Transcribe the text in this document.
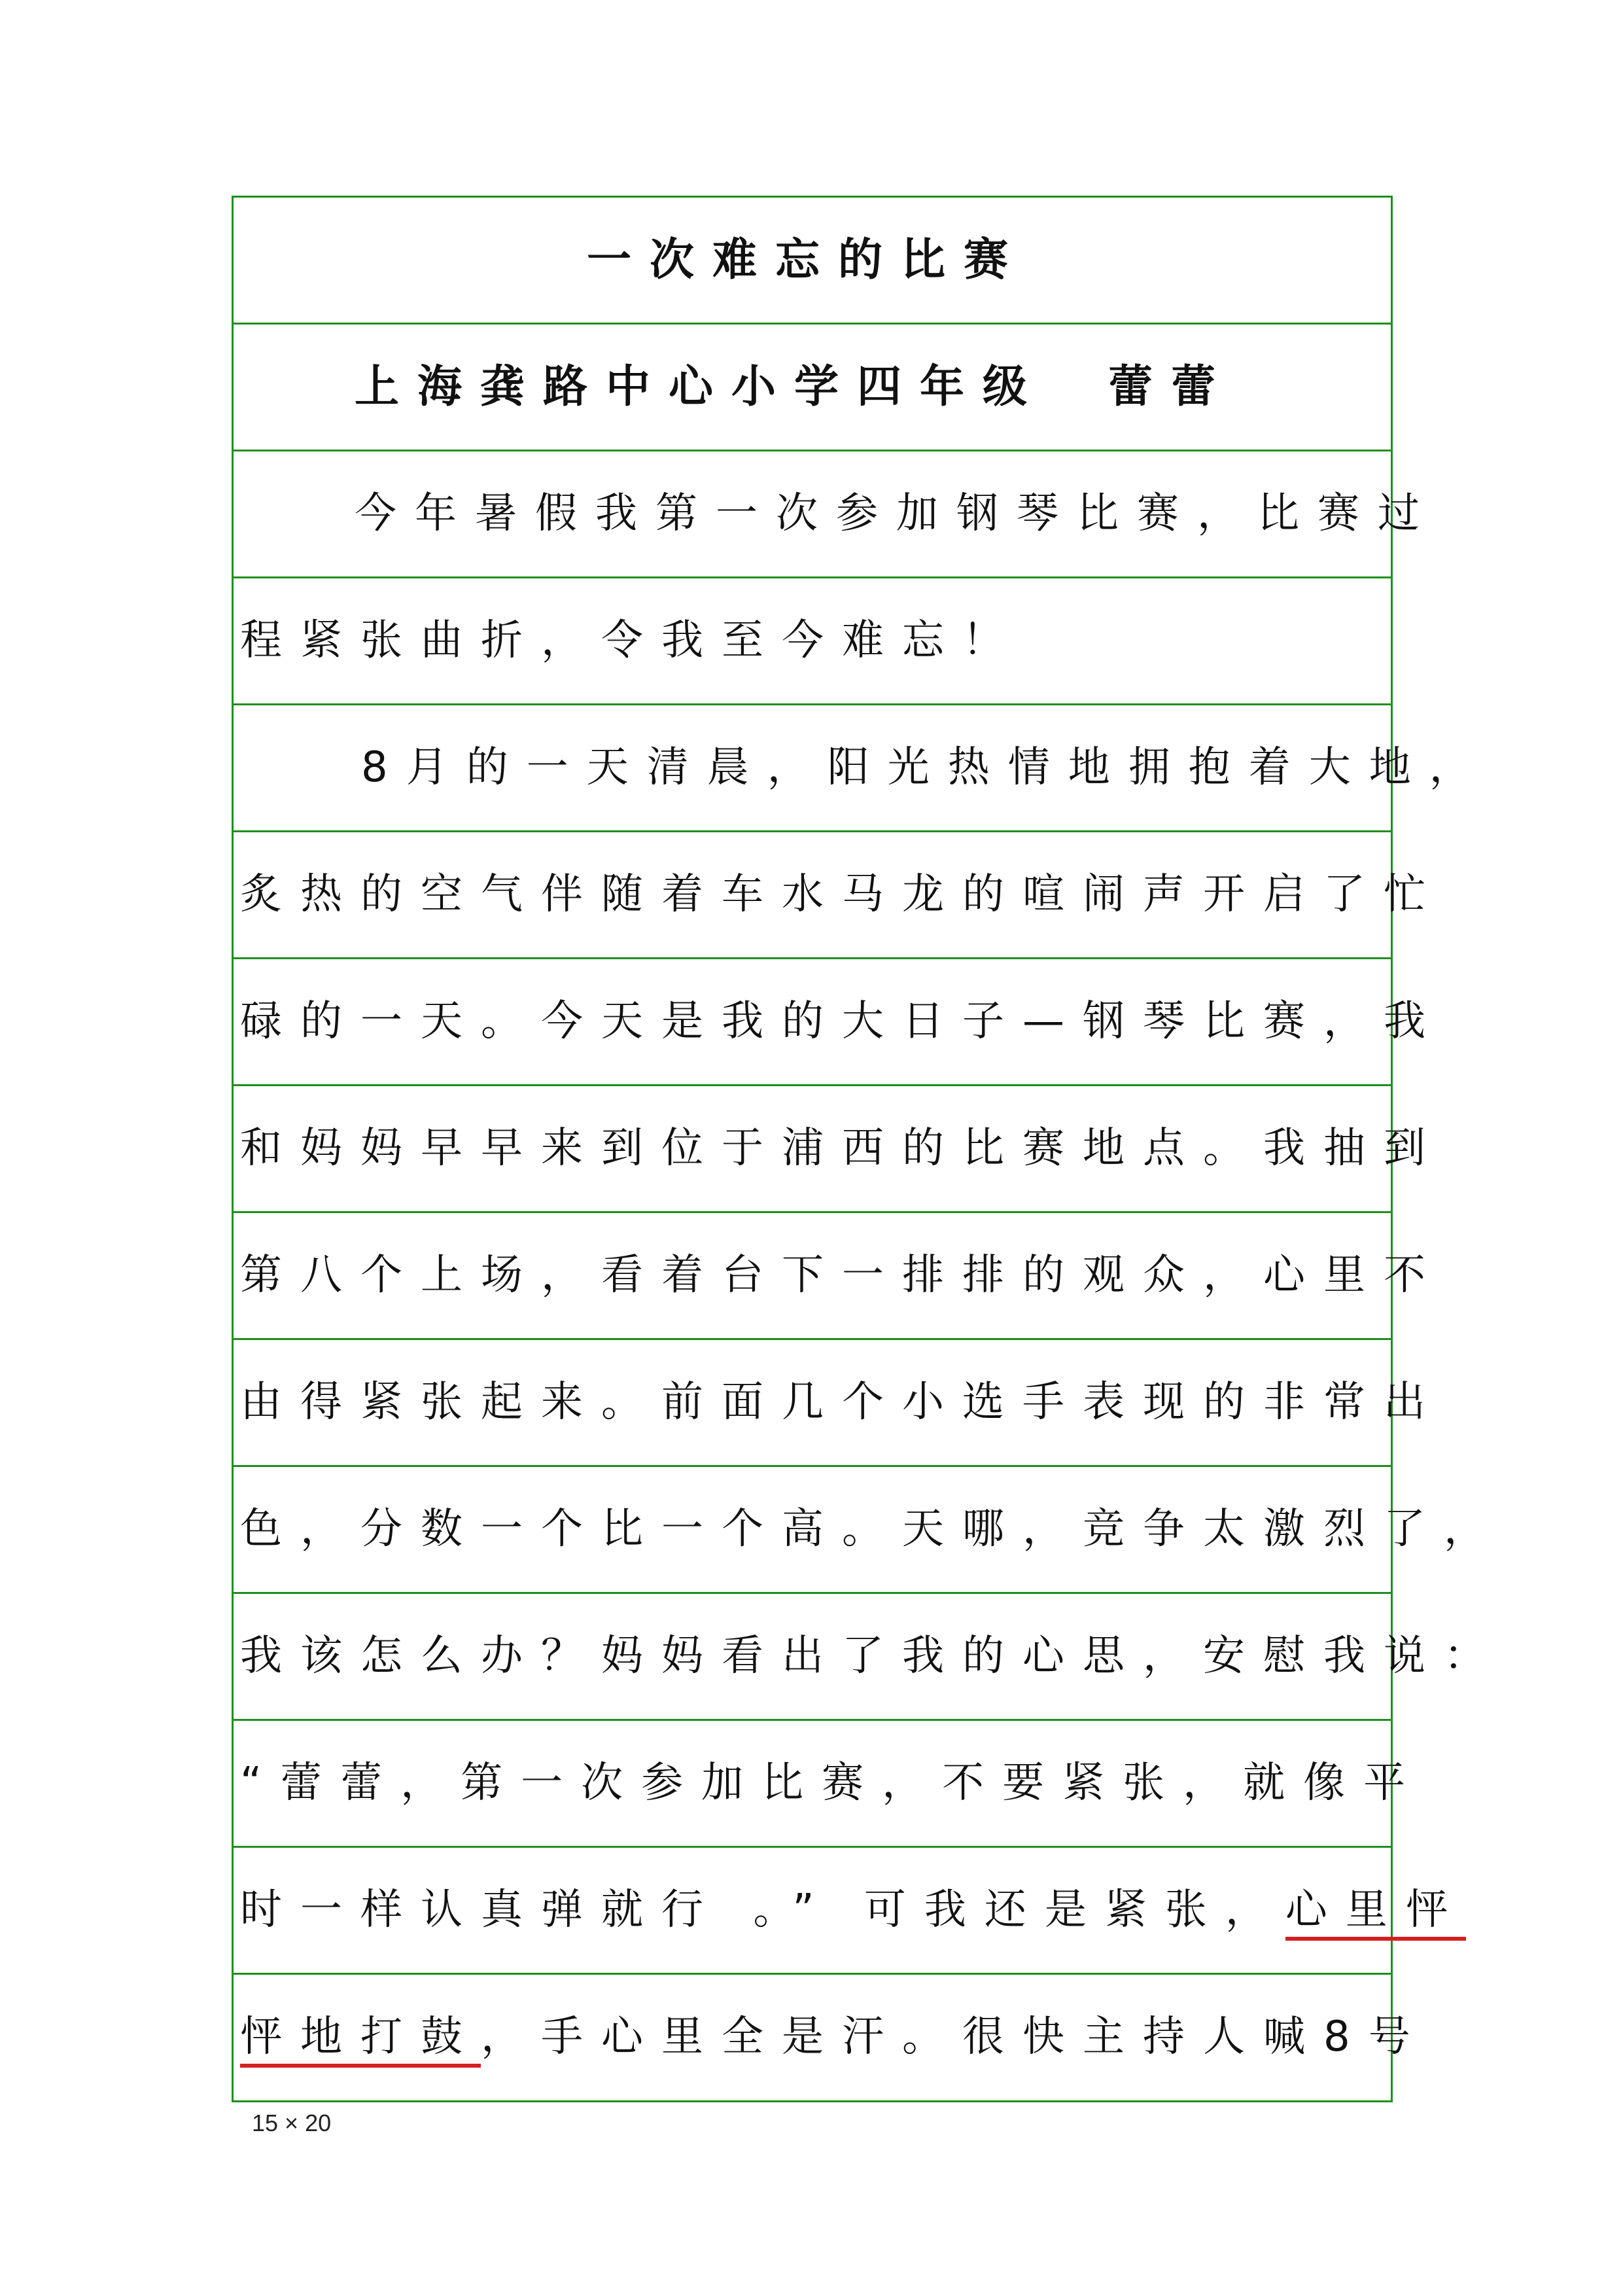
一次难忘的比赛
上海龚路中心小学四年级　蕾蕾
今年暑假我第一次参加钢琴比赛，比赛过
程紧张曲折，令我至今难忘！
8月的一天清晨，阳光热情地拥抱着大地，
炙热的空气伴随着车水马龙的喧闹声开启了忙
碌的一天。今天是我的大日子—钢琴比赛，我
和妈妈早早来到位于浦西的比赛地点。我抽到
第八个上场，看着台下一排排的观众，心里不
由得紧张起来。前面几个小选手表现的非常出
色，分数一个比一个高。天哪，竞争太激烈了，
我该怎么办？妈妈看出了我的心思，安慰我说：
“蕾蕾，第一次参加比赛，不要紧张，就像平
时一样认真弹就行 。” 可我还是紧张，心里怦
怦地打鼓，手心里全是汗。很快主持人喊8号
15 × 20
